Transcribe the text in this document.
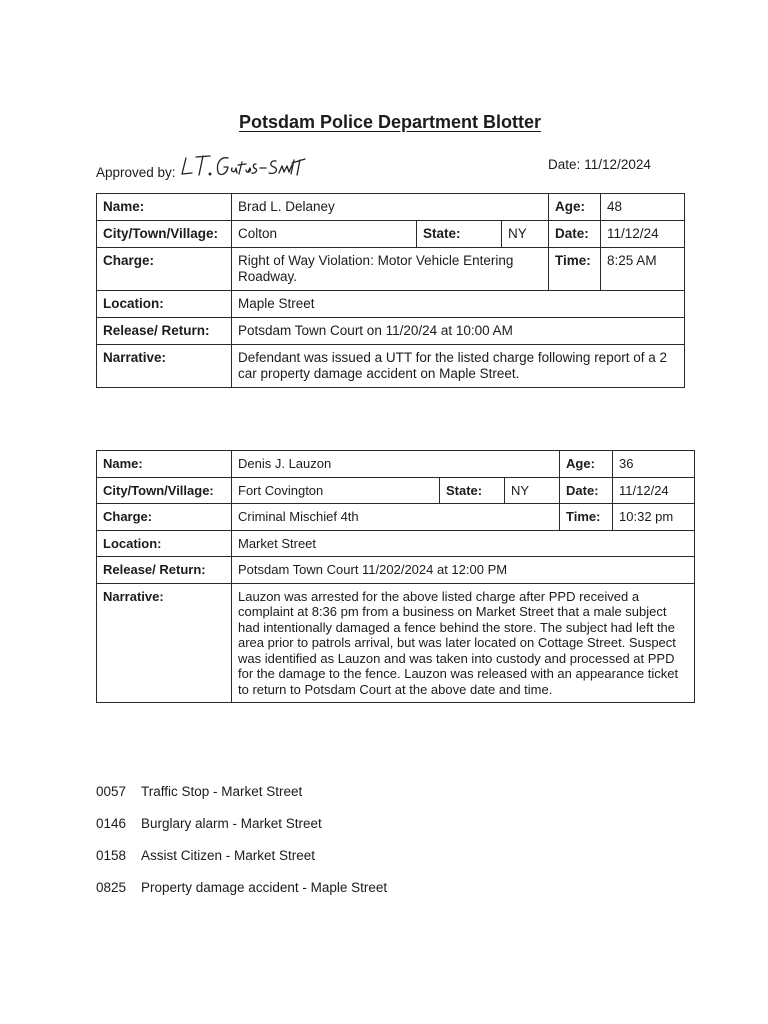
Potsdam Police Department Blotter
Approved by:
Date: 11/12/2024
Name:	Brad L. Delaney			Age:	48
City/Town/Village:	Colton	State:	NY	Date:	11/12/24
Charge:	Right of Way Violation: Motor Vehicle Entering Roadway.			Time:	8:25 AM
Location:	Maple Street				
Release/ Return:	Potsdam Town Court on 11/20/24 at 10:00 AM				
Narrative:	Defendant was issued a UTT for the listed charge following report of a 2 car property damage accident on Maple Street.				
Name:	Denis J. Lauzon			Age:	36
City/Town/Village:	Fort Covington	State:	NY	Date:	11/12/24
Charge:	Criminal Mischief 4th			Time:	10:32 pm
Location:	Market Street				
Release/ Return:	Potsdam Town Court 11/202/2024 at 12:00 PM				
Narrative:	Lauzon was arrested for the above listed charge after PPD received a complaint at 8:36 pm from a business on Market Street that a male subject had intentionally damaged a fence behind the store. The subject had left the area prior to patrols arrival, but was later located on Cottage Street. Suspect was identified as Lauzon and was taken into custody and processed at PPD for the damage to the fence. Lauzon was released with an appearance ticket to return to Potsdam Court at the above date and time.				
0057	Traffic Stop - Market Street
0146	Burglary alarm - Market Street
0158	Assist Citizen - Market Street
0825	Property damage accident - Maple Street
